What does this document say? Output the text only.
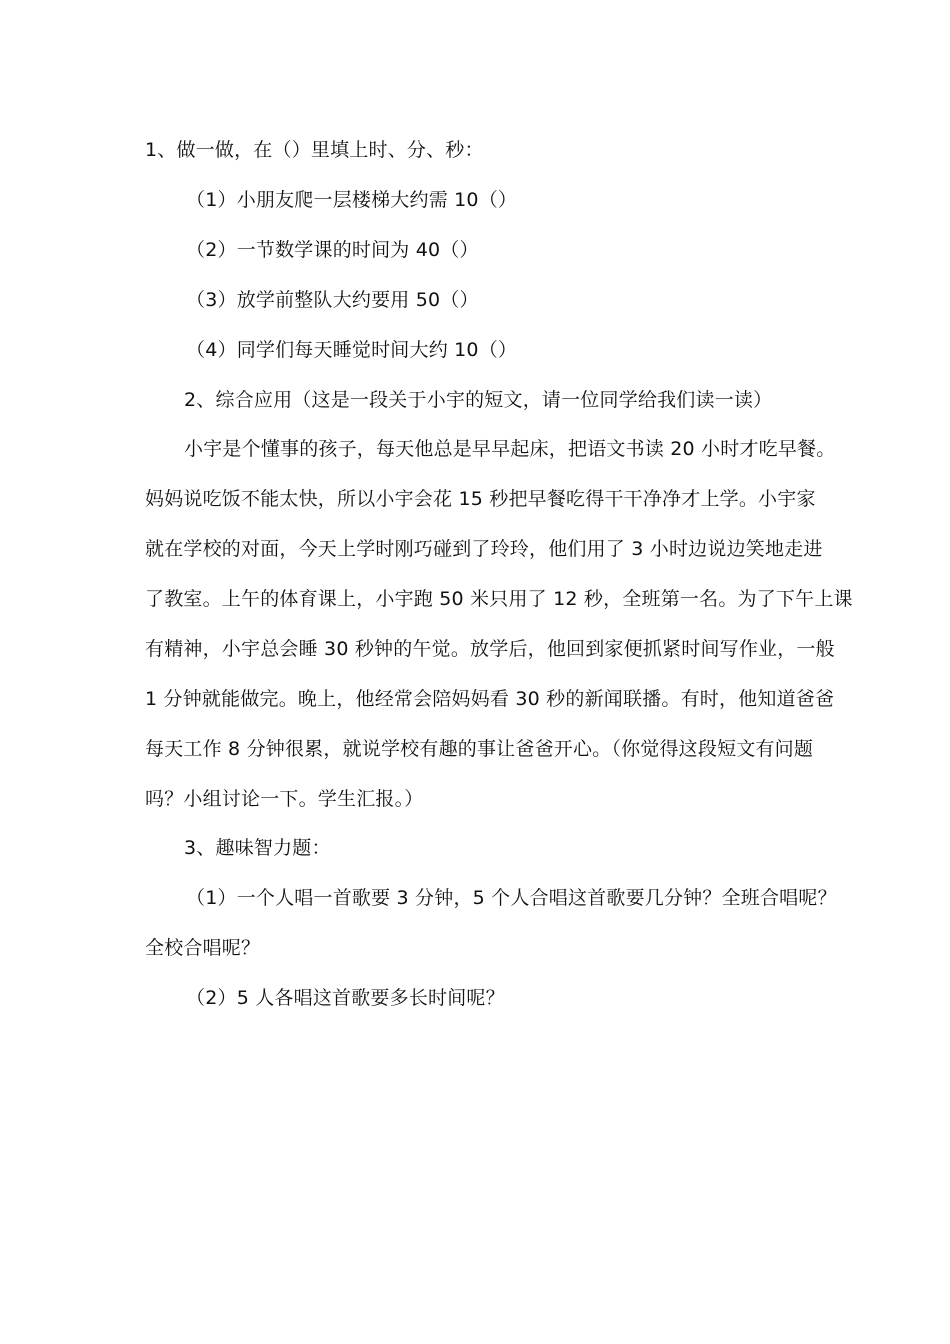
1、做一做，在（）里填上时、分、秒：
（1）小朋友爬一层楼梯大约需 10（）
（2）一节数学课的时间为 40（）
（3）放学前整队大约要用 50（）
（4）同学们每天睡觉时间大约 10（）
2、综合应用（这是一段关于小宇的短文，请一位同学给我们读一读）
小宇是个懂事的孩子，每天他总是早早起床，把语文书读 20 小时才吃早餐。
妈妈说吃饭不能太快，所以小宇会花 15 秒把早餐吃得干干净净才上学。小宇家
就在学校的对面，今天上学时刚巧碰到了玲玲，他们用了 3 小时边说边笑地走进
了教室。上午的体育课上，小宇跑 50 米只用了 12 秒，全班第一名。为了下午上课
有精神，小宇总会睡 30 秒钟的午觉。放学后，他回到家便抓紧时间写作业，一般
1 分钟就能做完。晚上，他经常会陪妈妈看 30 秒的新闻联播。有时，他知道爸爸
每天工作 8 分钟很累，就说学校有趣的事让爸爸开心。（你觉得这段短文有问题
吗？小组讨论一下。学生汇报。）
3、趣味智力题：
（1）一个人唱一首歌要 3 分钟，5 个人合唱这首歌要几分钟？全班合唱呢？
全校合唱呢？
（2）5 人各唱这首歌要多长时间呢？
